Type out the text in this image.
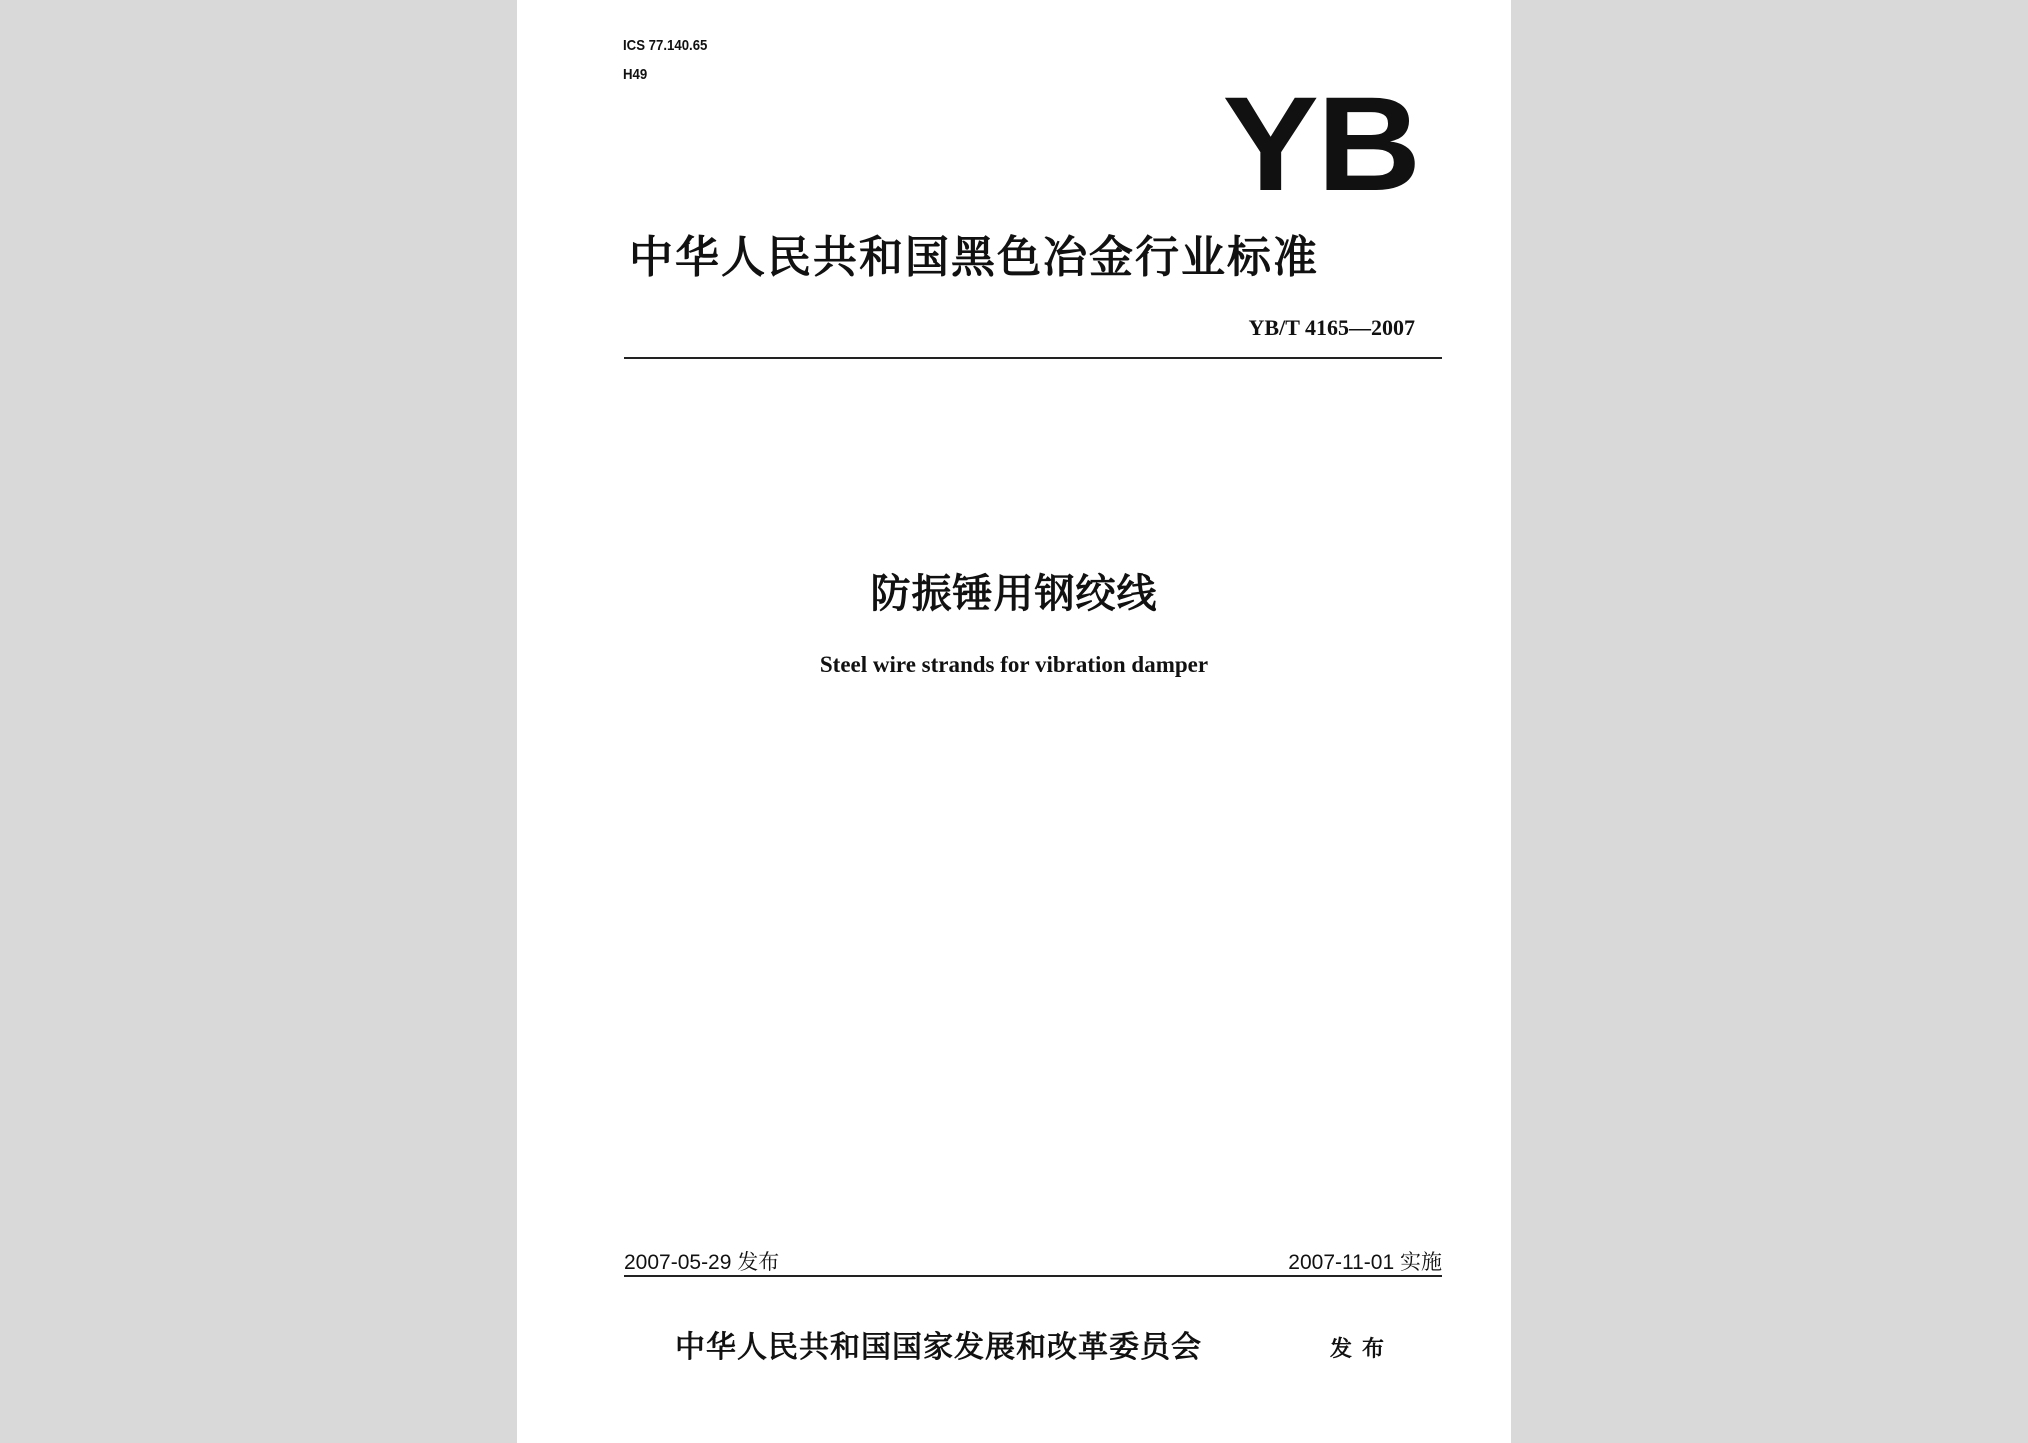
ICS 77.140.65
H49	YB
中华人民共和国黑色冶金行业标准
YB/T 4165—2007
防振锤用钢绞线
Steel wire strands for vibration damper
2007-05-29 发布	2007-11-01 实施
中华人民共和国国家发展和改革委员会	发布
